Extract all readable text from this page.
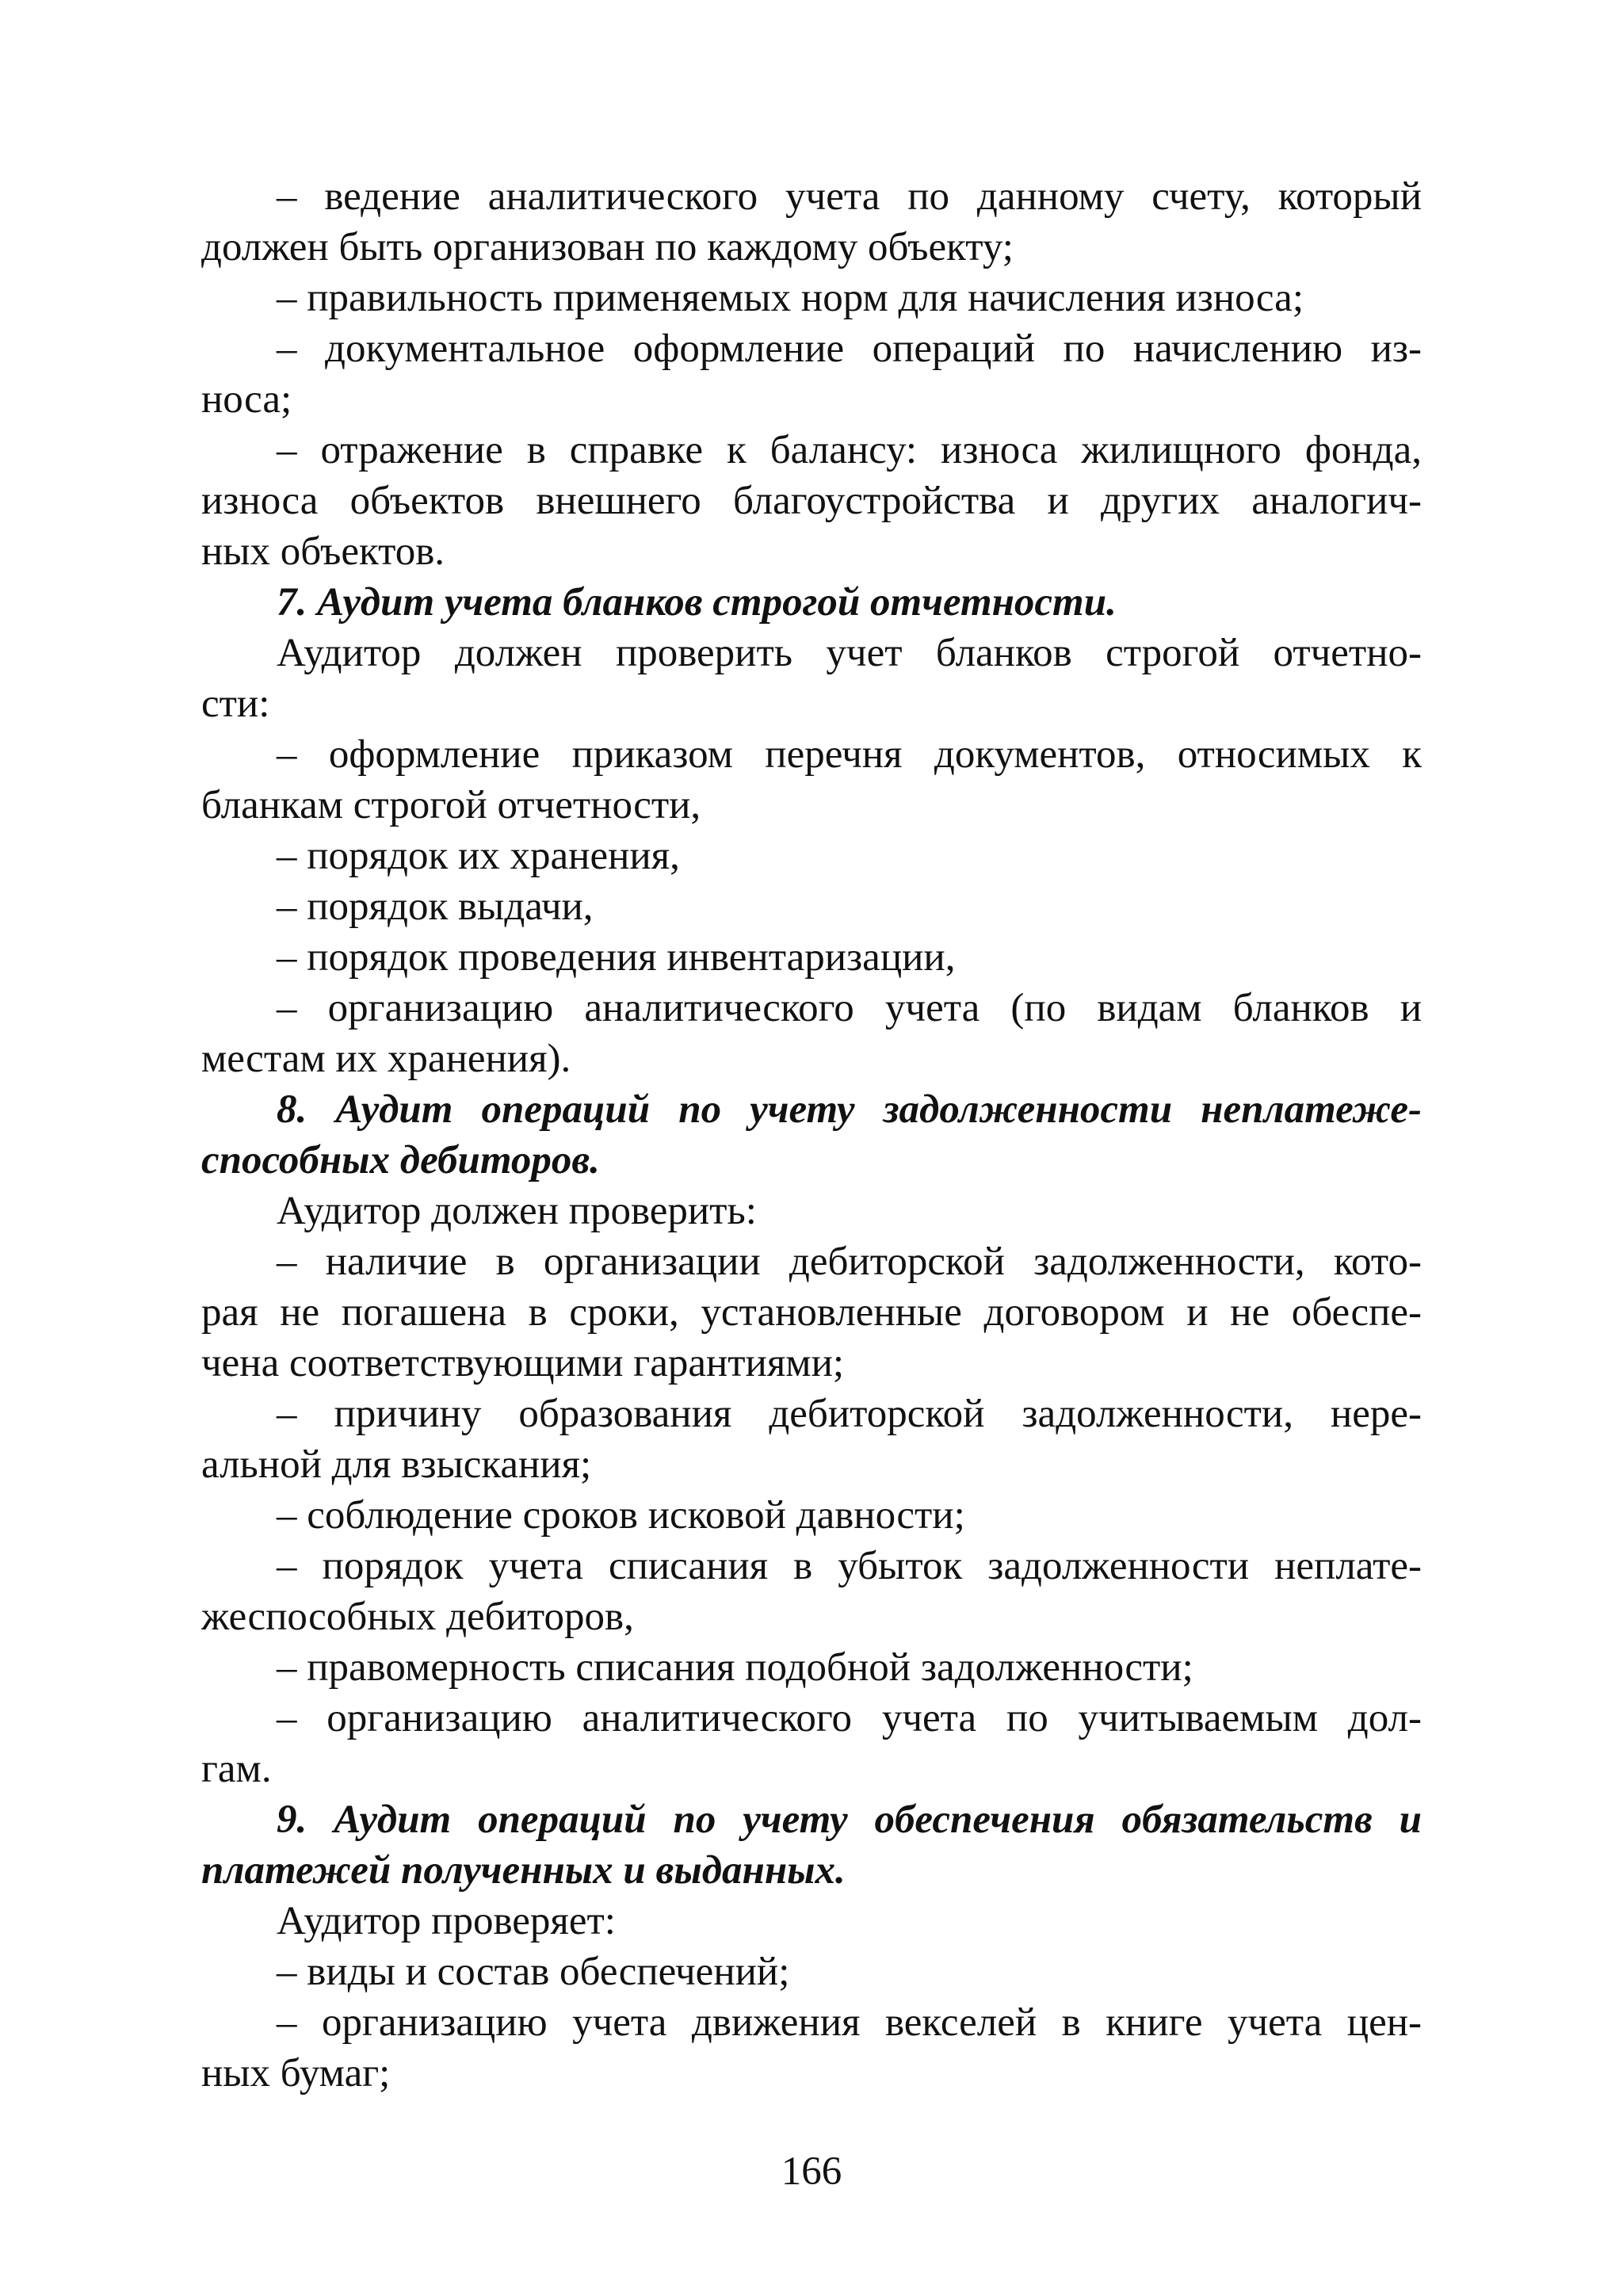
– ведение аналитического учета по данному счету, который
должен быть организован по каждому объекту;
– правильность применяемых норм для начисления износа;
– документальное оформление операций по начислению из-
носа;
– отражение в справке к балансу: износа жилищного фонда,
износа объектов внешнего благоустройства и других аналогич-
ных объектов.
7. Аудит учета бланков строгой отчетности.
Аудитор должен проверить учет бланков строгой отчетно-
сти:
– оформление приказом перечня документов, относимых к
бланкам строгой отчетности,
– порядок их хранения,
– порядок выдачи,
– порядок проведения инвентаризации,
– организацию аналитического учета (по видам бланков и
местам их хранения).
8. Аудит операций по учету задолженности неплатеже-
способных дебиторов.
Аудитор должен проверить:
– наличие в организации дебиторской задолженности, кото-
рая не погашена в сроки, установленные договором и не обеспе-
чена соответствующими гарантиями;
– причину образования дебиторской задолженности, нере-
альной для взыскания;
– соблюдение сроков исковой давности;
– порядок учета списания в убыток задолженности неплате-
жеспособных дебиторов,
– правомерность списания подобной задолженности;
– организацию аналитического учета по учитываемым дол-
гам.
9. Аудит операций по учету обеспечения обязательств и
платежей полученных и выданных.
Аудитор проверяет:
– виды и состав обеспечений;
– организацию учета движения векселей в книге учета цен-
ных бумаг;
166
